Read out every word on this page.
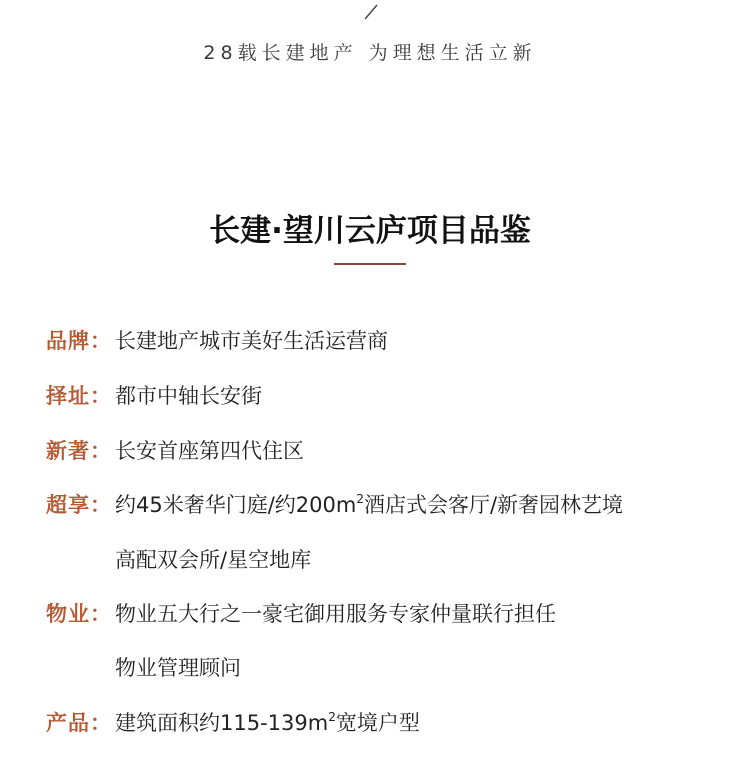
28载长建地产 为理想生活立新
长建·望川云庐项目品鉴
品牌： 长建地产城市美好生活运营商
择址： 都市中轴长安街
新著： 长安首座第四代住区
超享： 约45米奢华门庭/约$200m^2$酒店式会客厅/新奢园林艺境
高配双会所/星空地库
物业： 物业五大行之一豪宅御用服务专家仲量联行担任
物业管理顾问
产品： 建筑面积约$115-139m^2$宽境户型
